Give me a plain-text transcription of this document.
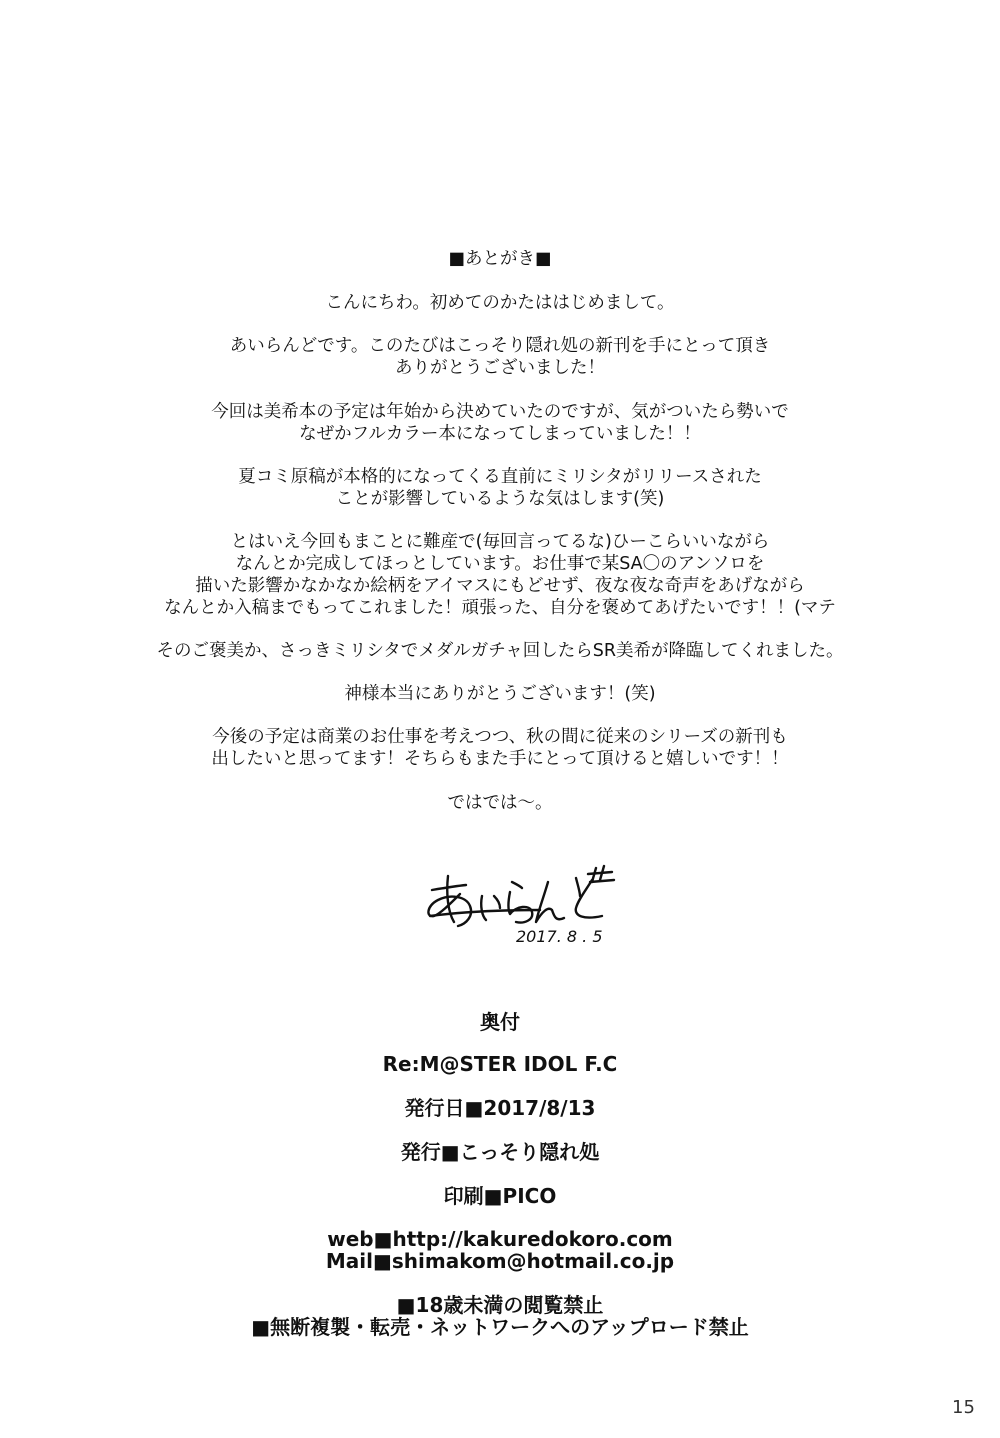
■あとがき■
こんにちわ。初めてのかたははじめまして。
あいらんどです。このたびはこっそり隠れ処の新刊を手にとって頂き
ありがとうございました！
今回は美希本の予定は年始から決めていたのですが、気がついたら勢いで
なぜかフルカラー本になってしまっていました！！
夏コミ原稿が本格的になってくる直前にミリシタがリリースされた
ことが影響しているような気はします(笑)
とはいえ今回もまことに難産で(毎回言ってるな)ひーこらいいながら
なんとか完成してほっとしています。お仕事で某SA〇のアンソロを
描いた影響かなかなか絵柄をアイマスにもどせず、夜な夜な奇声をあげながら
なんとか入稿までもってこれました！頑張った、自分を褒めてあげたいです！！(マテ
そのご褒美か、さっきミリシタでメダルガチャ回したらSR美希が降臨してくれました。
神様本当にありがとうございます！(笑)
今後の予定は商業のお仕事を考えつつ、秋の間に従来のシリーズの新刊も
出したいと思ってます！そちらもまた手にとって頂けると嬉しいです！！
ではでは〜。
2017. 8 . 5
奥付
Re:M@STER IDOL F.C
発行日■2017/8/13
発行■こっそり隠れ処
印刷■PICO
web■http://kakuredokoro.com
Mail■shimakom@hotmail.co.jp
■18歳未満の閲覧禁止
■無断複製・転売・ネットワークへのアップロード禁止
15
